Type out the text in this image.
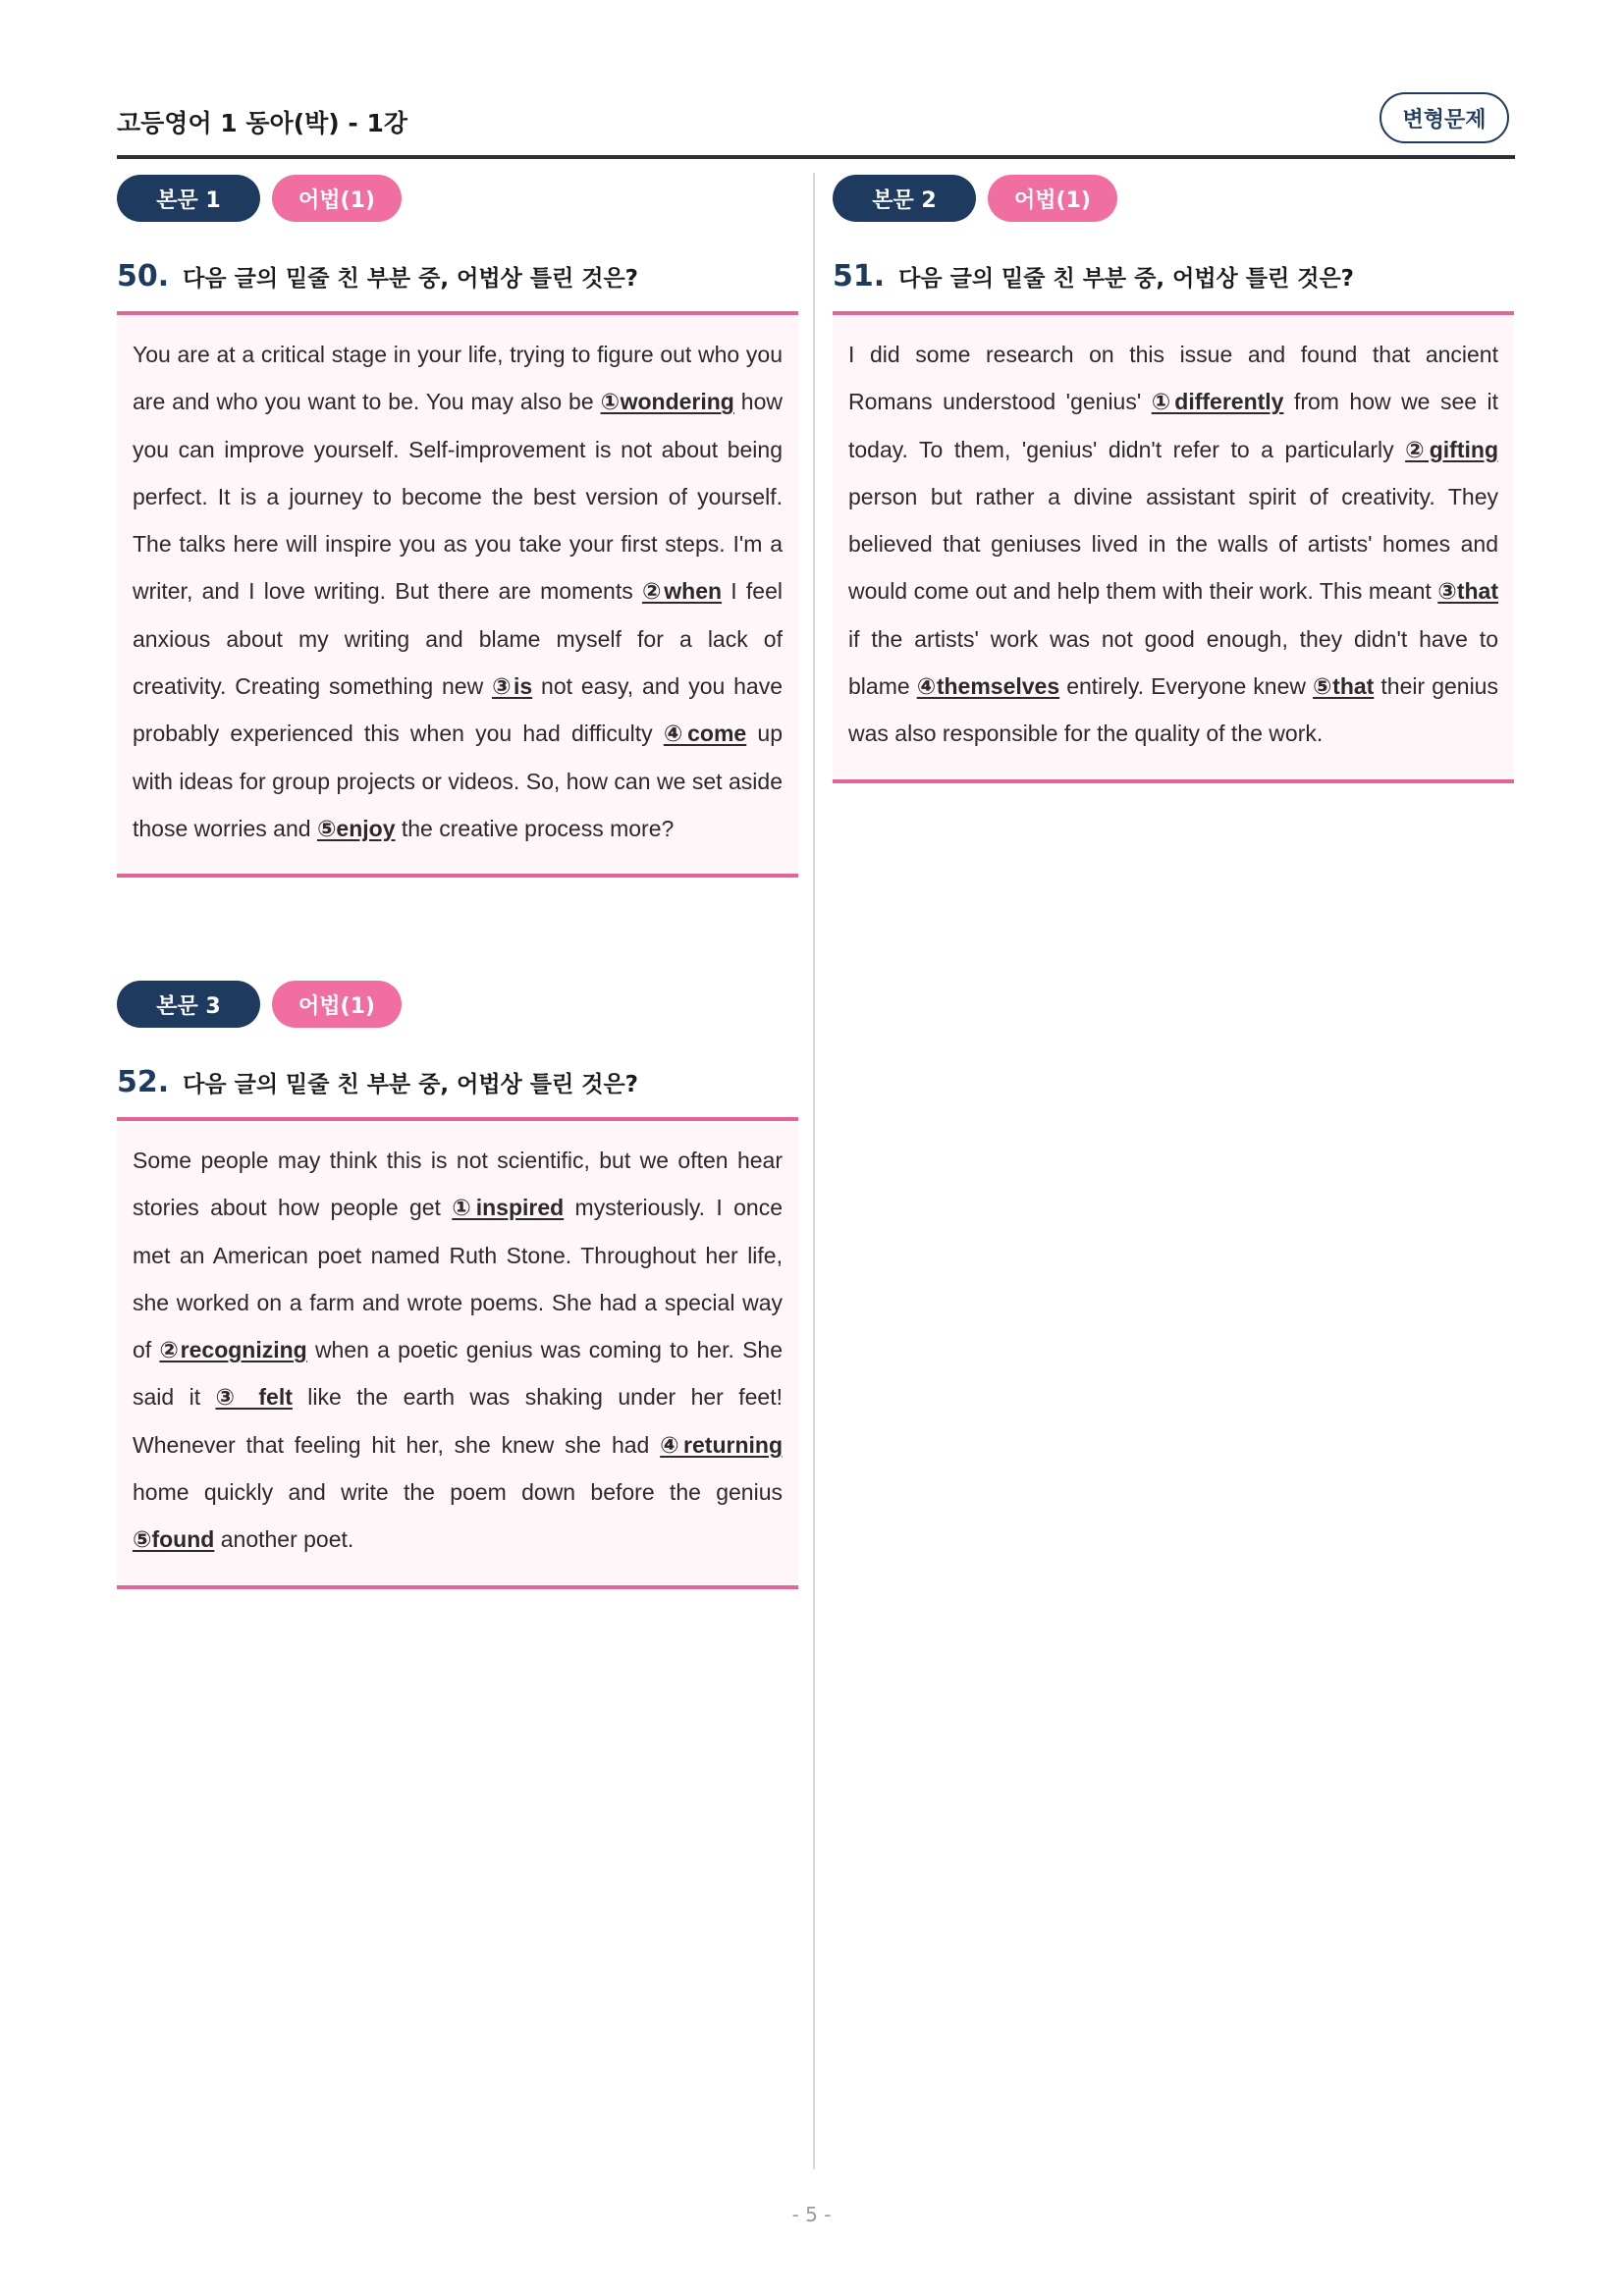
고등영어 1 동아(박) - 1강	변형문제
본문 1	어법(1)
50. 다음 글의 밑줄 친 부분 중, 어법상 틀린 것은?

You are at a critical stage in your life, trying to figure out who you are and who you want to be. You may also be ①wondering how you can improve yourself. Self-improvement is not about being perfect. It is a journey to become the best version of yourself. The talks here will inspire you as you take your first steps. I'm a writer, and I love writing. But there are moments ②when I feel anxious about my writing and blame myself for a lack of creativity. Creating something new ③is not easy, and you have probably experienced this when you had difficulty ④come up with ideas for group projects or videos. So, how can we set aside those worries and ⑤enjoy the creative process more?

본문 2	어법(1)
51. 다음 글의 밑줄 친 부분 중, 어법상 틀린 것은?

I did some research on this issue and found that ancient Romans understood 'genius' ①differently from how we see it today. To them, 'genius' didn't refer to a particularly ②gifting person but rather a divine assistant spirit of creativity. They believed that geniuses lived in the walls of artists' homes and would come out and help them with their work. This meant ③that if the artists' work was not good enough, they didn't have to blame ④themselves entirely. Everyone knew ⑤that their genius was also responsible for the quality of the work.

본문 3	어법(1)
52. 다음 글의 밑줄 친 부분 중, 어법상 틀린 것은?

Some people may think this is not scientific, but we often hear stories about how people get ①inspired mysteriously. I once met an American poet named Ruth Stone. Throughout her life, she worked on a farm and wrote poems. She had a special way of ②recognizing when a poetic genius was coming to her. She said it ③ felt like the earth was shaking under her feet! Whenever that feeling hit her, she knew she had ④returning home quickly and write the poem down before the genius ⑤found another poet.

- 5 -
